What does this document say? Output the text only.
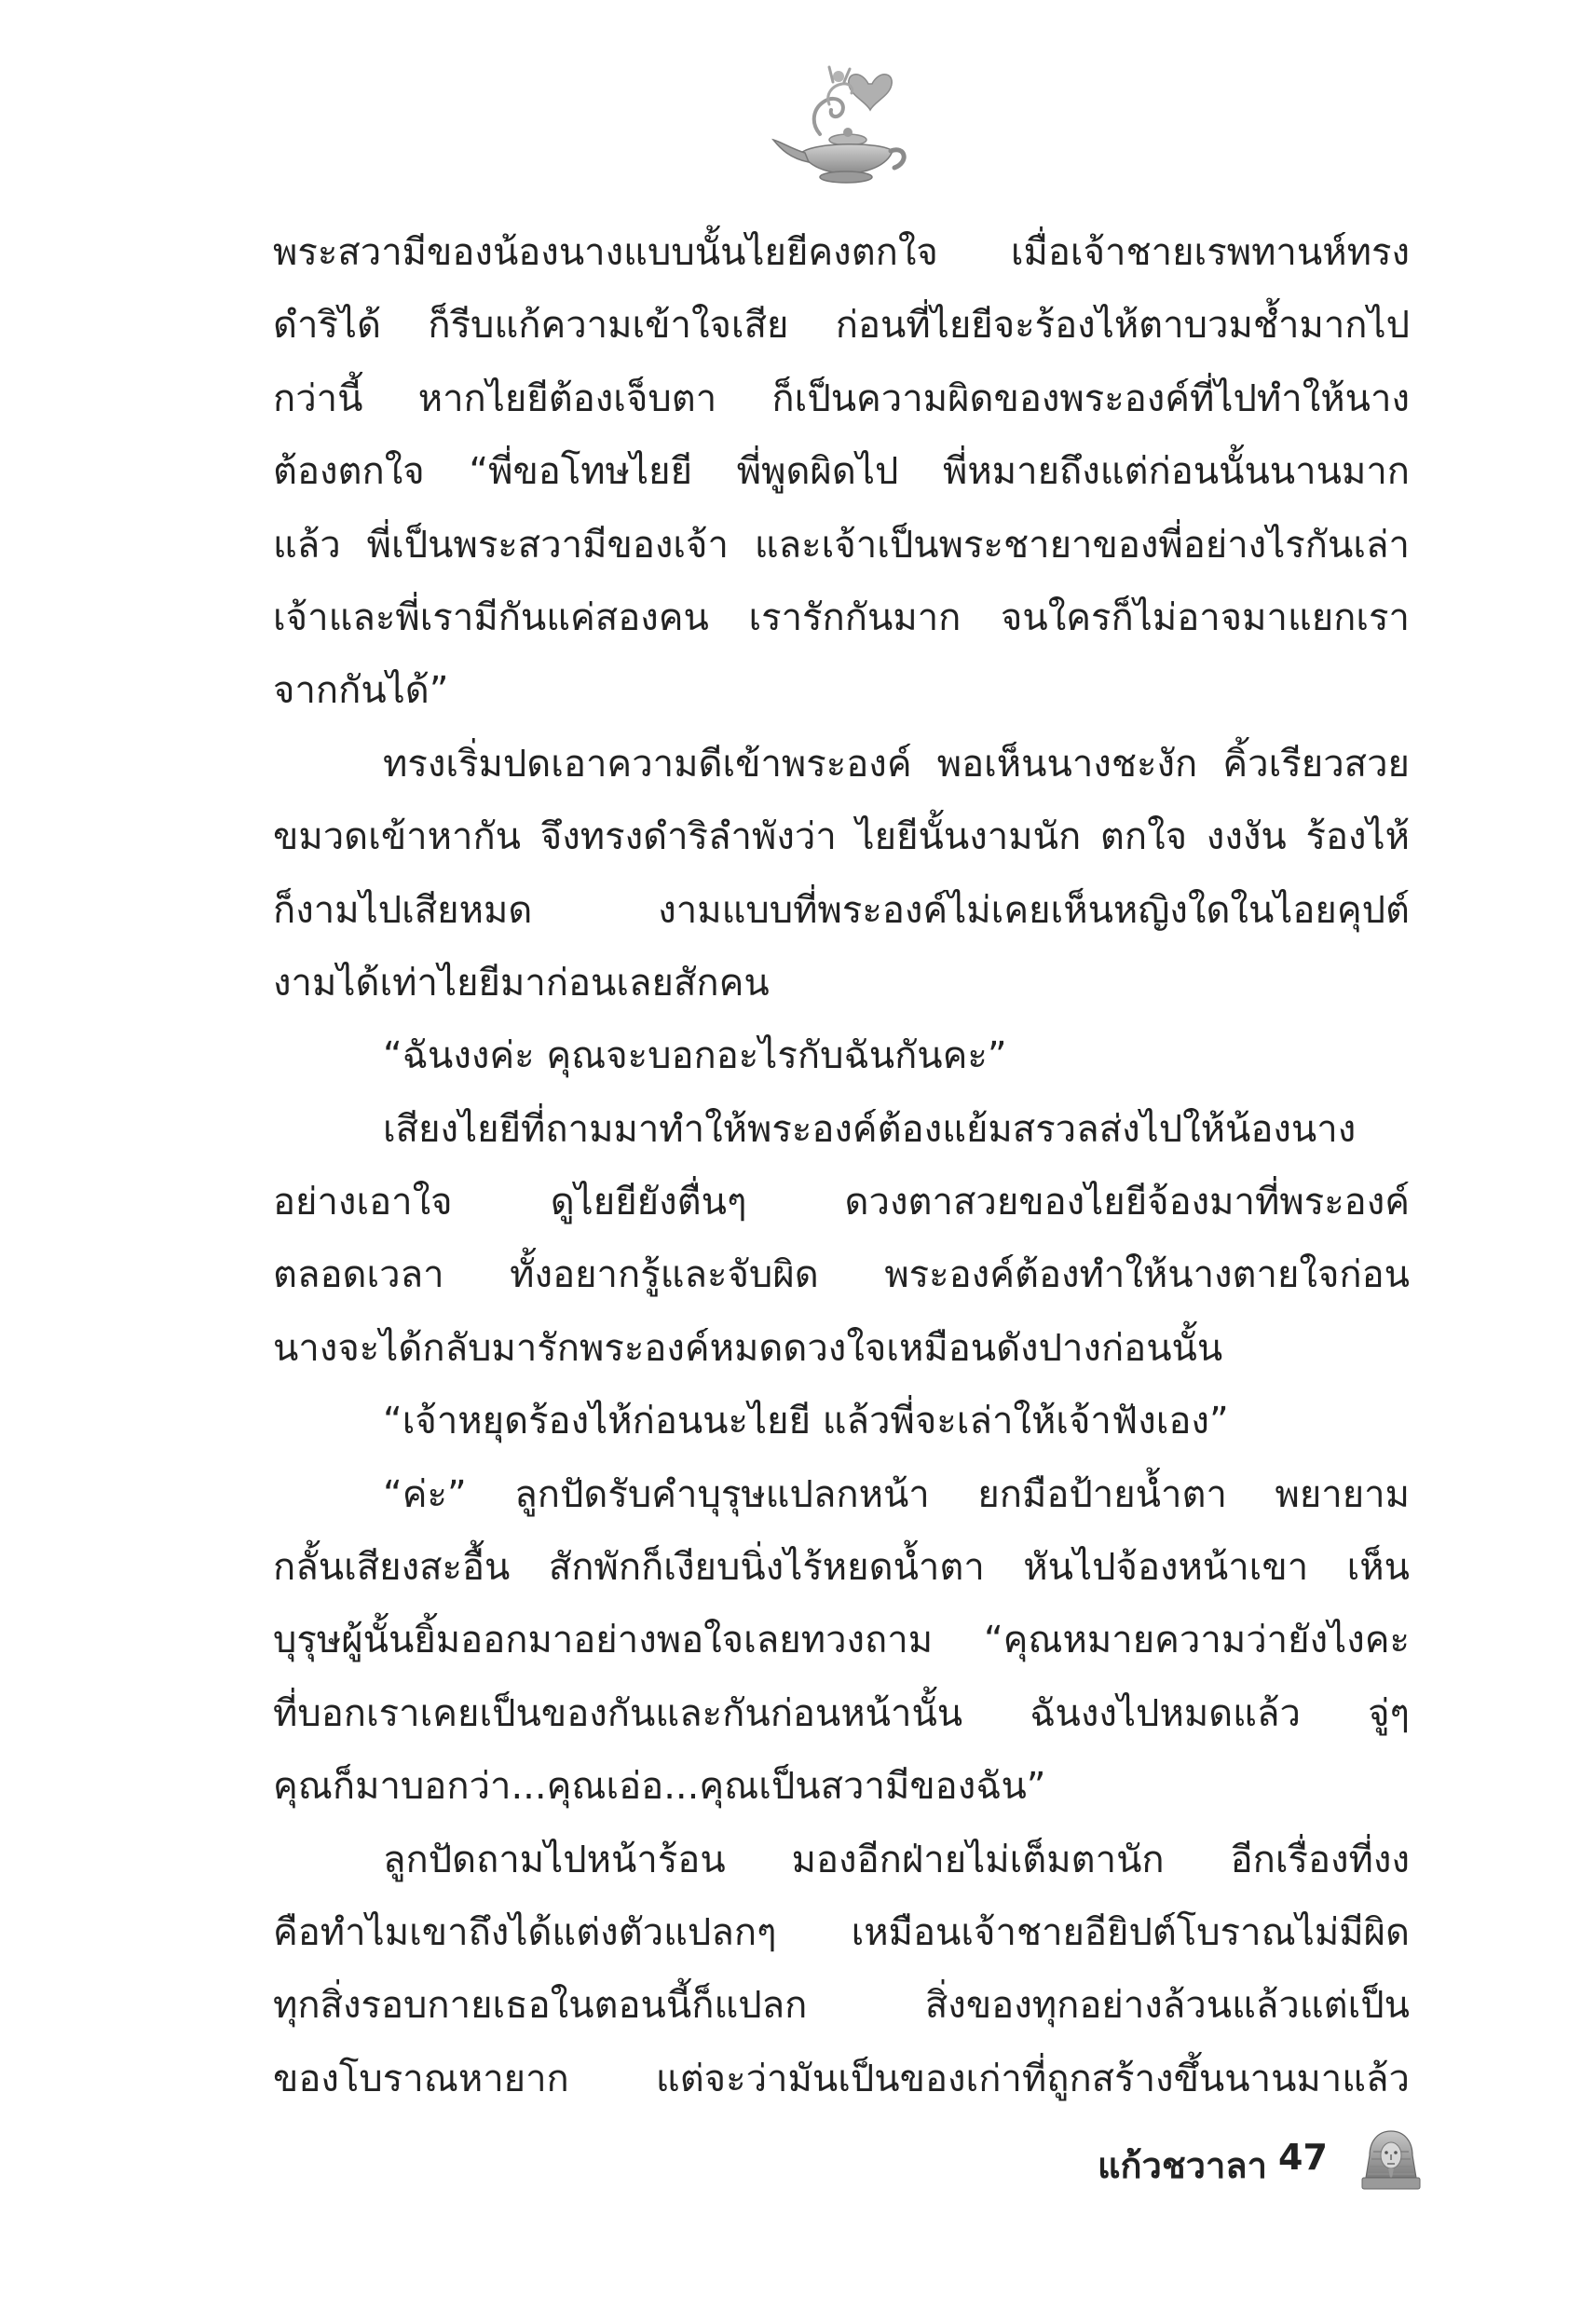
พระสวามีของน้องนางแบบนั้นไยยีคงตกใจ เมื่อเจ้าชายเรพทานห์ทรง
ดำริได้ ก็รีบแก้ความเข้าใจเสีย ก่อนที่ไยยีจะร้องไห้ตาบวมช้ำมากไป
กว่านี้ หากไยยีต้องเจ็บตา ก็เป็นความผิดของพระองค์ที่ไปทำให้นาง
ต้องตกใจ “พี่ขอโทษไยยี พี่พูดผิดไป พี่หมายถึงแต่ก่อนนั้นนานมาก
แล้ว พี่เป็นพระสวามีของเจ้า และเจ้าเป็นพระชายาของพี่อย่างไรกันเล่า
เจ้าและพี่เรามีกันแค่สองคน เรารักกันมาก จนใครก็ไม่อาจมาแยกเรา
จากกันได้”
ทรงเริ่มปดเอาความดีเข้าพระองค์ พอเห็นนางชะงัก คิ้วเรียวสวย
ขมวดเข้าหากัน จึงทรงดำริลำพังว่า ไยยีนั้นงามนัก ตกใจ งงงัน ร้องไห้
ก็งามไปเสียหมด งามแบบที่พระองค์ไม่เคยเห็นหญิงใดในไอยคุปต์
งามได้เท่าไยยีมาก่อนเลยสักคน
“ฉันงงค่ะ คุณจะบอกอะไรกับฉันกันคะ”
เสียงไยยีที่ถามมาทำให้พระองค์ต้องแย้มสรวลส่งไปให้น้องนาง
อย่างเอาใจ ดูไยยียังตื่นๆ ดวงตาสวยของไยยีจ้องมาที่พระองค์
ตลอดเวลา ทั้งอยากรู้และจับผิด พระองค์ต้องทำให้นางตายใจก่อน
นางจะได้กลับมารักพระองค์หมดดวงใจเหมือนดังปางก่อนนั้น
“เจ้าหยุดร้องไห้ก่อนนะไยยี แล้วพี่จะเล่าให้เจ้าฟังเอง”
“ค่ะ” ลูกปัดรับคำบุรุษแปลกหน้า ยกมือป้ายน้ำตา พยายาม
กลั้นเสียงสะอื้น สักพักก็เงียบนิ่งไร้หยดน้ำตา หันไปจ้องหน้าเขา เห็น
บุรุษผู้นั้นยิ้มออกมาอย่างพอใจเลยทวงถาม “คุณหมายความว่ายังไงคะ
ที่บอกเราเคยเป็นของกันและกันก่อนหน้านั้น ฉันงงไปหมดแล้ว จู่ๆ
คุณก็มาบอกว่า...คุณเอ่อ...คุณเป็นสวามีของฉัน”
ลูกปัดถามไปหน้าร้อน มองอีกฝ่ายไม่เต็มตานัก อีกเรื่องที่งง
คือทำไมเขาถึงได้แต่งตัวแปลกๆ เหมือนเจ้าชายอียิปต์โบราณไม่มีผิด
ทุกสิ่งรอบกายเธอในตอนนี้ก็แปลก สิ่งของทุกอย่างล้วนแล้วแต่เป็น
ของโบราณหายาก แต่จะว่ามันเป็นของเก่าที่ถูกสร้างขึ้นนานมาแล้ว
แก้วชวาลา 47
